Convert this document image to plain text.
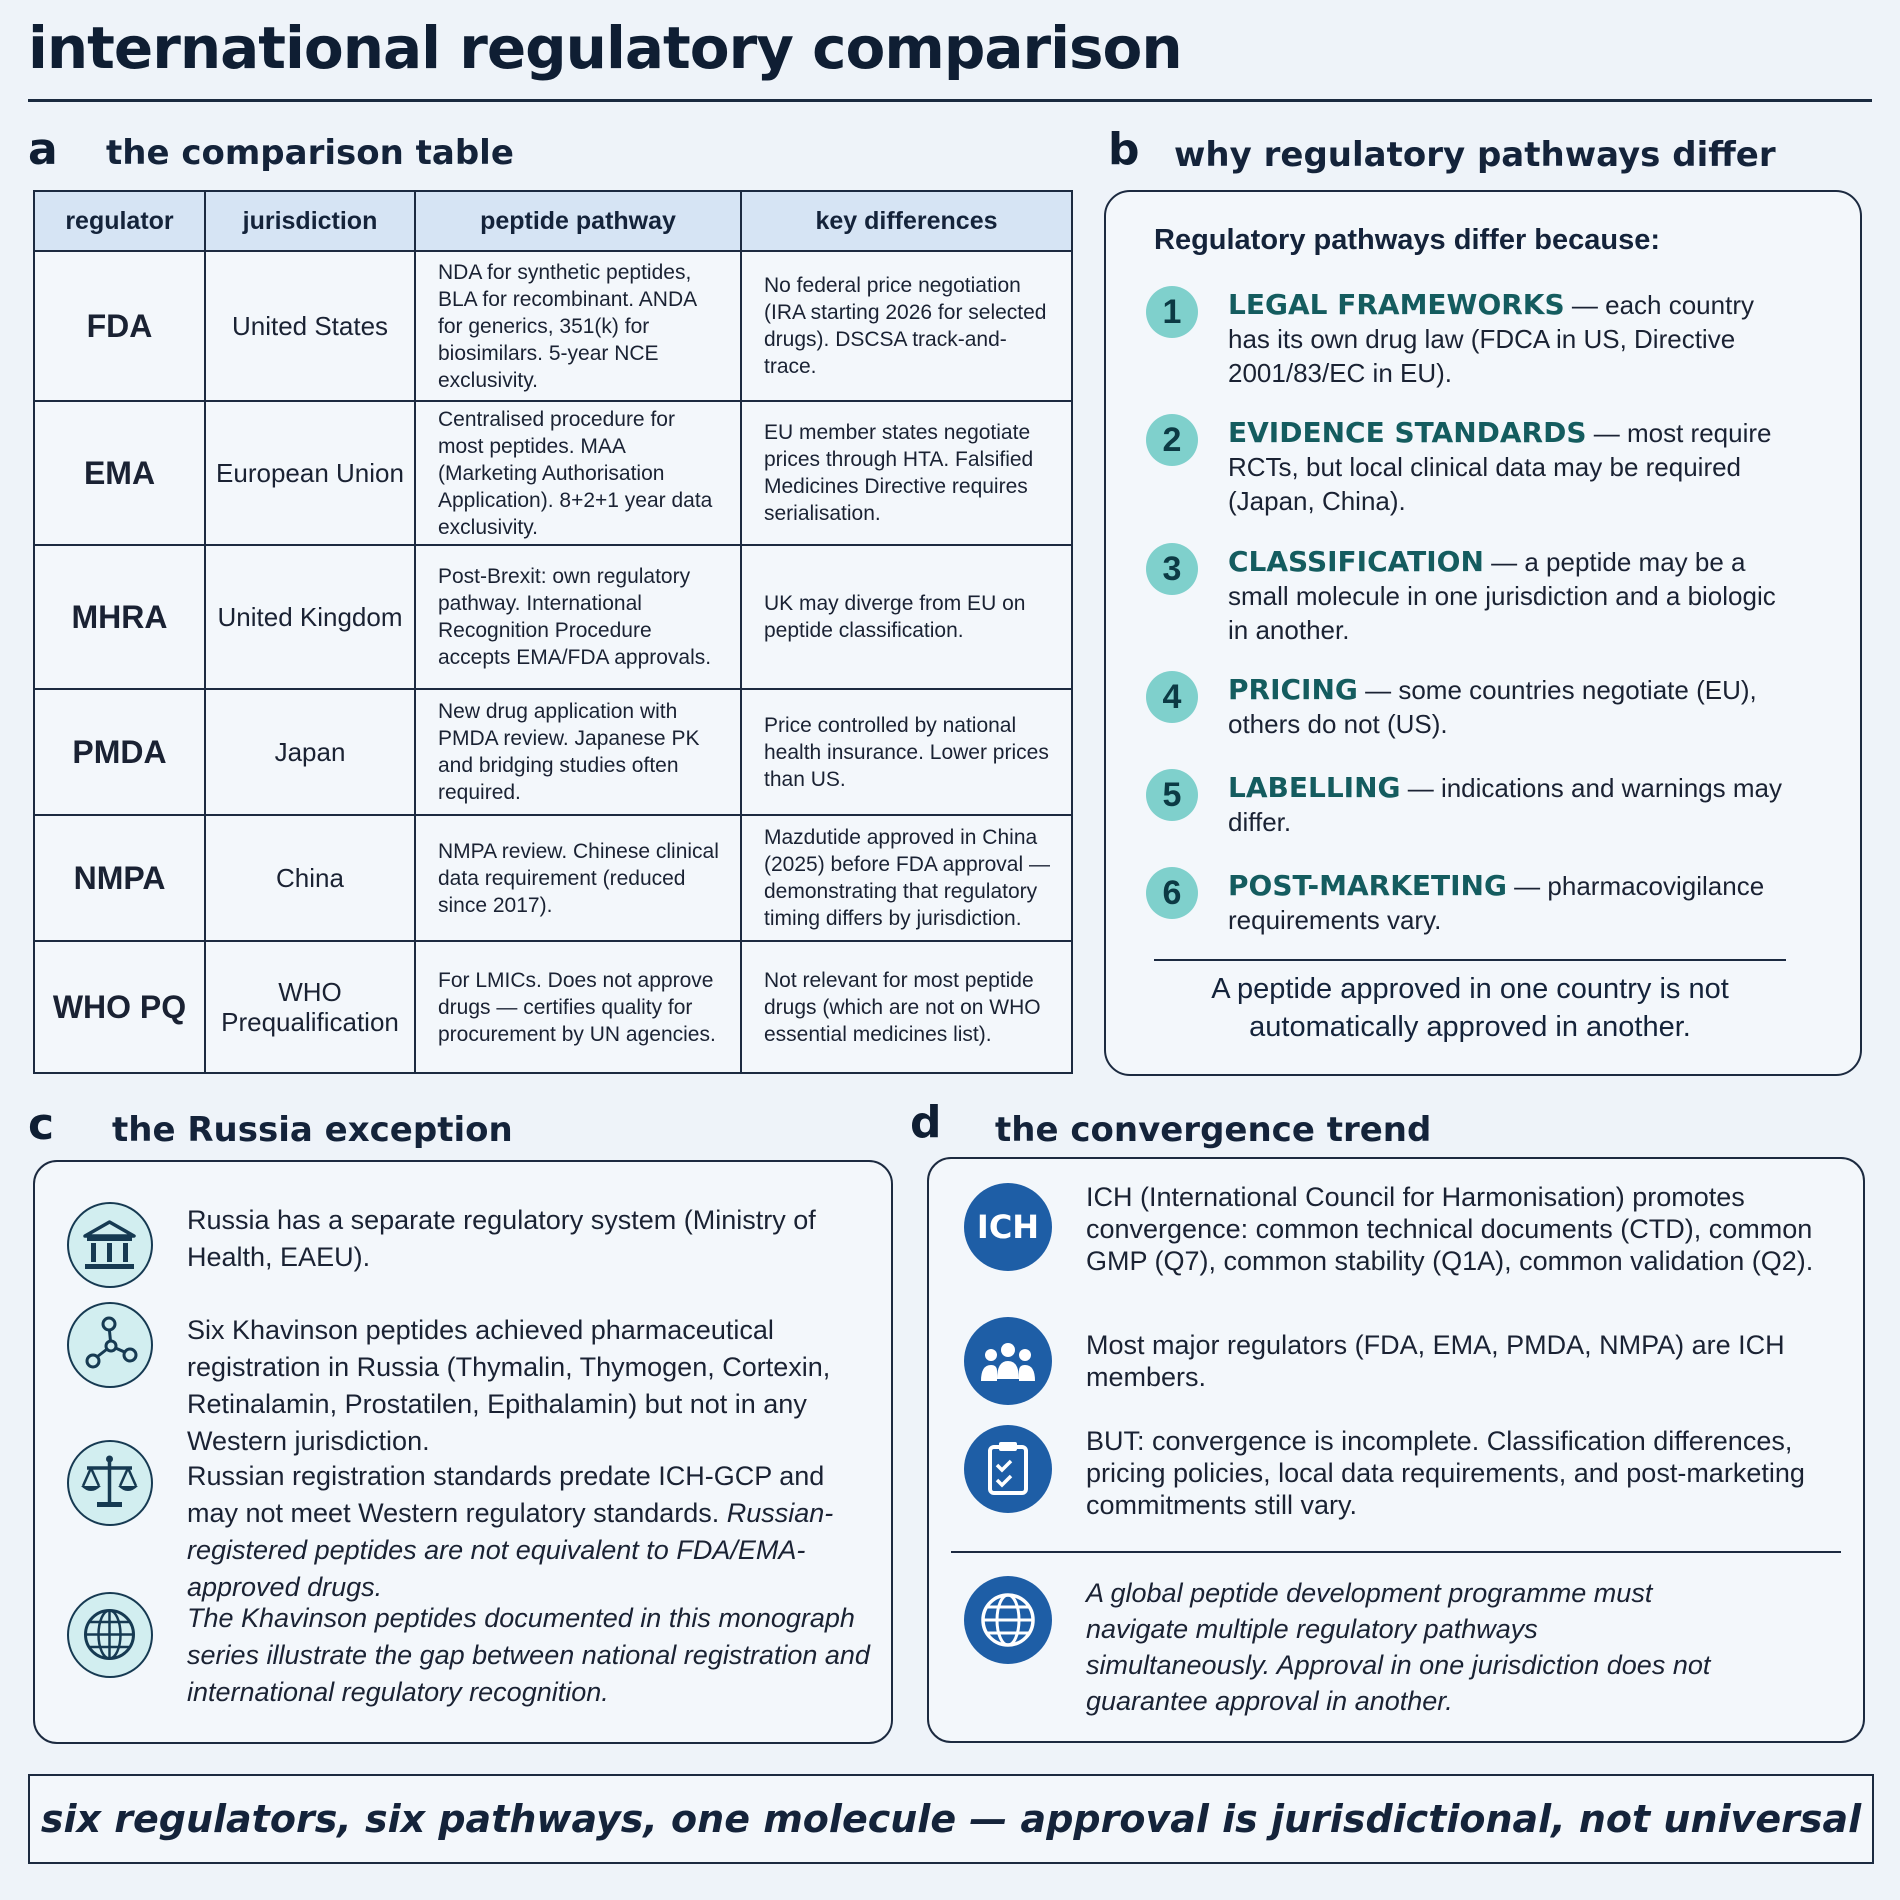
international regulatory comparison
a the comparison table
regulator	jurisdiction	peptide pathway	key differences
FDA	United States	NDA for synthetic peptides, BLA for recombinant. ANDA for generics, 351(k) for biosimilars. 5-year NCE exclusivity.	No federal price negotiation (IRA starting 2026 for selected drugs). DSCSA track-and-trace.
EMA	European Union	Centralised procedure for most peptides. MAA (Marketing Authorisation Application). 8+2+1 year data exclusivity.	EU member states negotiate prices through HTA. Falsified Medicines Directive requires serialisation.
MHRA	United Kingdom	Post-Brexit: own regulatory pathway. International Recognition Procedure accepts EMA/FDA approvals.	UK may diverge from EU on peptide classification.
PMDA	Japan	New drug application with PMDA review. Japanese PK and bridging studies often required.	Price controlled by national health insurance. Lower prices than US.
NMPA	China	NMPA review. Chinese clinical data requirement (reduced since 2017).	Mazdutide approved in China (2025) before FDA approval — demonstrating that regulatory timing differs by jurisdiction.
WHO PQ	WHO Prequalification	For LMICs. Does not approve drugs — certifies quality for procurement by UN agencies.	Not relevant for most peptide drugs (which are not on WHO essential medicines list).
b why regulatory pathways differ
Regulatory pathways differ because:
1	LEGAL FRAMEWORKS — each country has its own drug law (FDCA in US, Directive 2001/83/EC in EU).
2	EVIDENCE STANDARDS — most require RCTs, but local clinical data may be required (Japan, China).
3	CLASSIFICATION — a peptide may be a small molecule in one jurisdiction and a biologic in another.
4	PRICING — some countries negotiate (EU), others do not (US).
5	LABELLING — indications and warnings may differ.
6	POST-MARKETING — pharmacovigilance requirements vary.
A peptide approved in one country is not automatically approved in another.
c the Russia exception
Russia has a separate regulatory system (Ministry of Health, EAEU).
Six Khavinson peptides achieved pharmaceutical registration in Russia (Thymalin, Thymogen, Cortexin, Retinalamin, Prostatilen, Epithalamin) but not in any Western jurisdiction.
Russian registration standards predate ICH-GCP and may not meet Western regulatory standards. Russian-registered peptides are not equivalent to FDA/EMA-approved drugs.
The Khavinson peptides documented in this monograph series illustrate the gap between national registration and international regulatory recognition.
d the convergence trend
ICH
ICH (International Council for Harmonisation) promotes convergence: common technical documents (CTD), common GMP (Q7), common stability (Q1A), common validation (Q2).
Most major regulators (FDA, EMA, PMDA, NMPA) are ICH members.
BUT: convergence is incomplete. Classification differences, pricing policies, local data requirements, and post-marketing commitments still vary.
A global peptide development programme must navigate multiple regulatory pathways simultaneously. Approval in one jurisdiction does not guarantee approval in another.
six regulators, six pathways, one molecule — approval is jurisdictional, not universal
